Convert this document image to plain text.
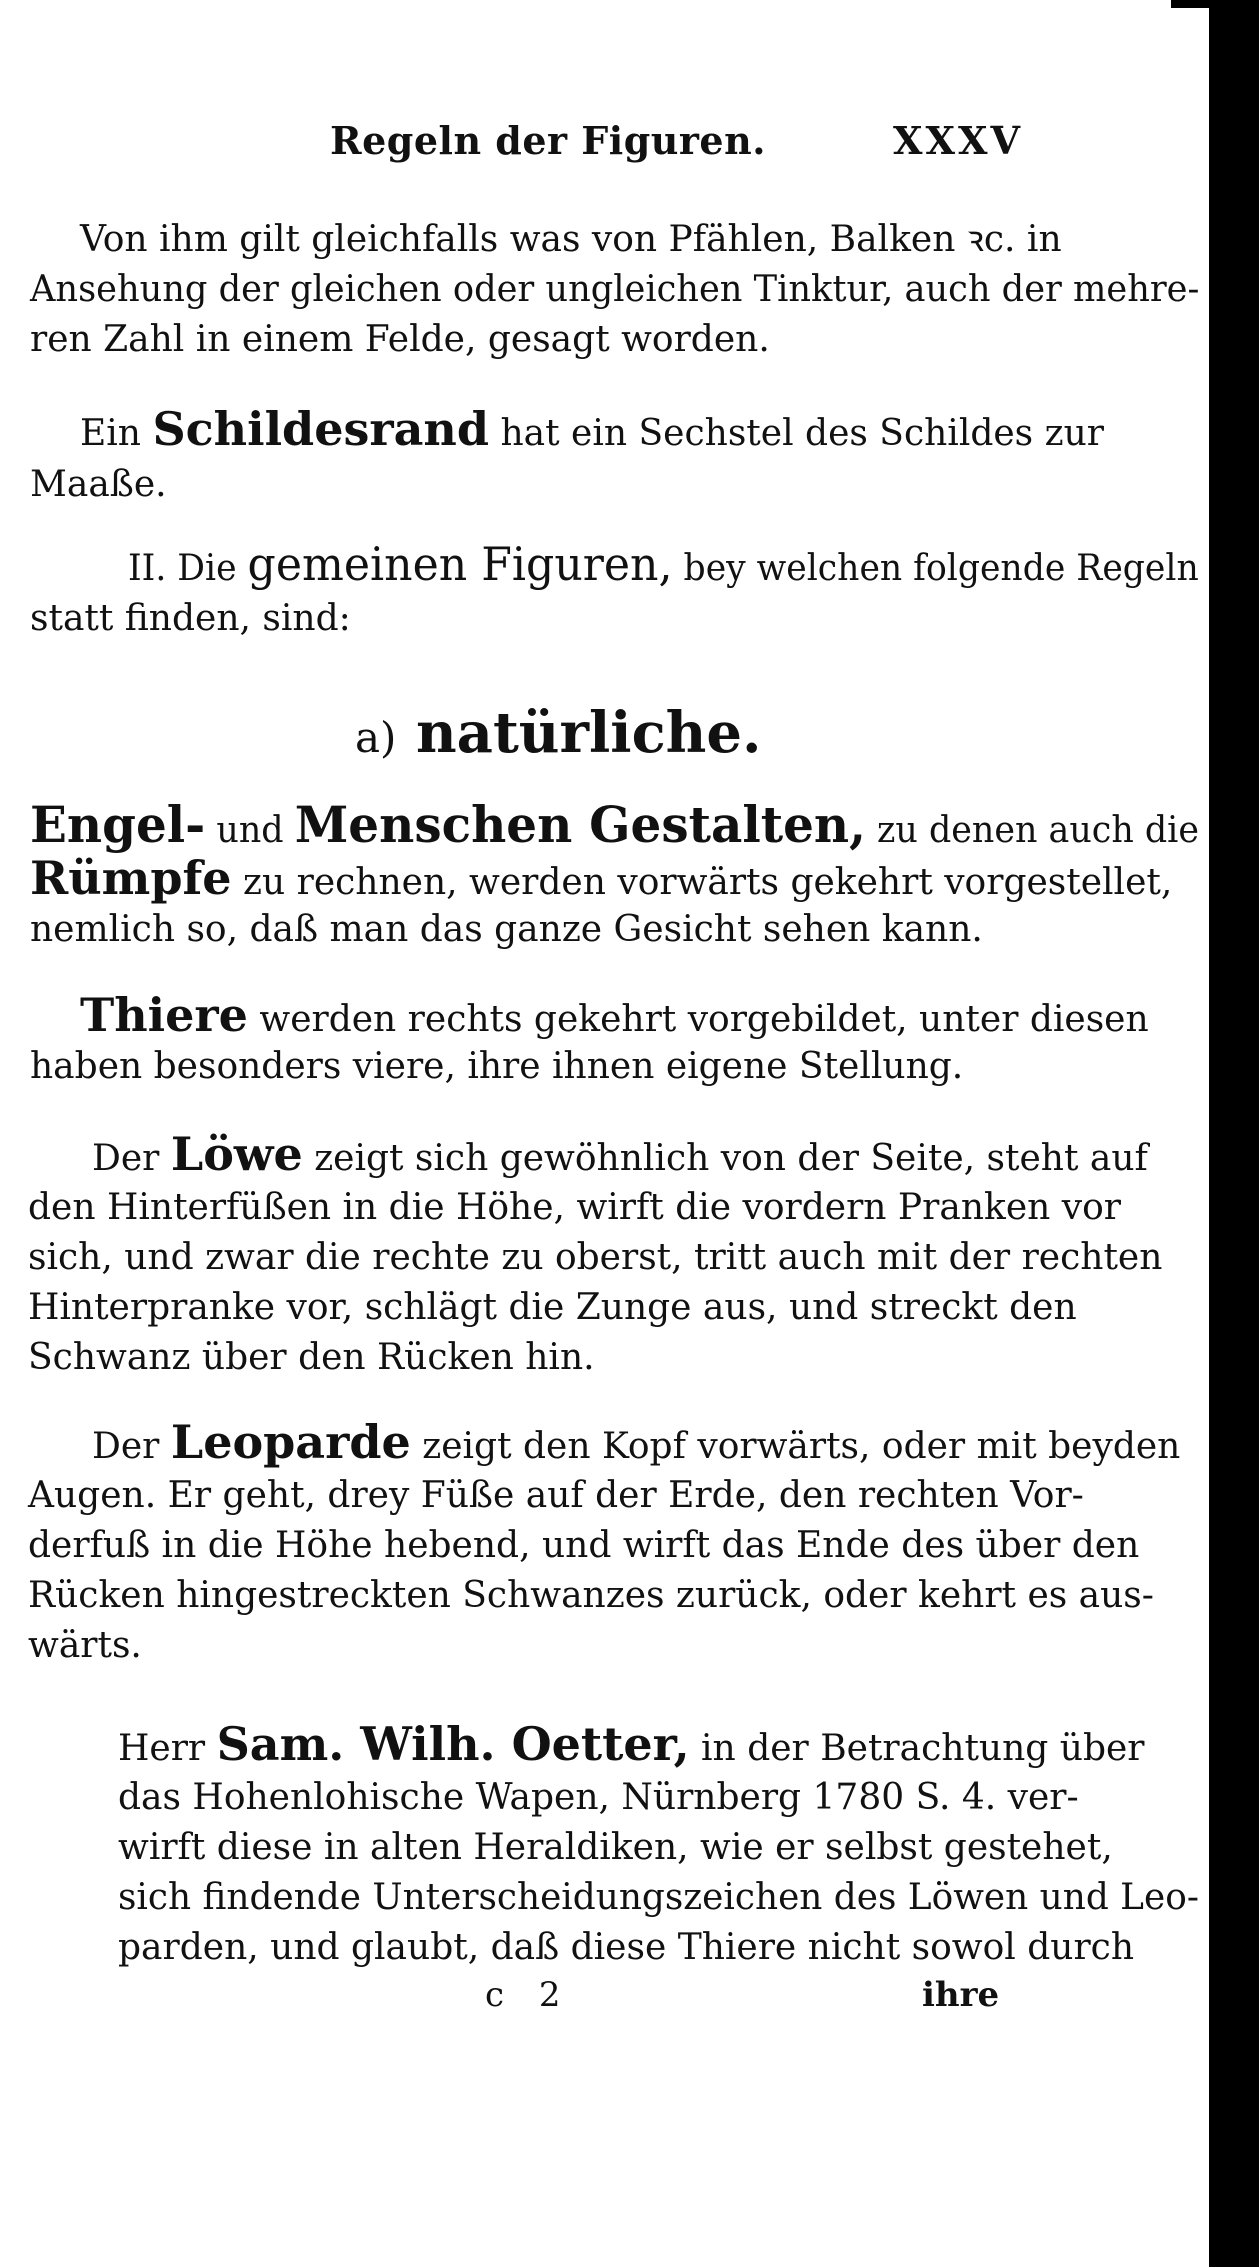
Regeln der Figuren.	XXXV
Von ihm gilt gleichfalls was von Pfählen, Balken ꝛc. in
Ansehung der gleichen oder ungleichen Tinktur, auch der mehre-
ren Zahl in einem Felde, gesagt worden.
Ein Schildesrand hat ein Sechstel des Schildes zur
Maaße.
II. Die gemeinen Figuren, bey welchen folgende Regeln
statt finden, sind:
a) natürliche.
Engel- und Menschen Gestalten, zu denen auch die
Rümpfe zu rechnen, werden vorwärts gekehrt vorgestellet,
nemlich so, daß man das ganze Gesicht sehen kann.
Thiere werden rechts gekehrt vorgebildet, unter diesen
haben besonders viere, ihre ihnen eigene Stellung.
Der Löwe zeigt sich gewöhnlich von der Seite, steht auf
den Hinterfüßen in die Höhe, wirft die vordern Pranken vor
sich, und zwar die rechte zu oberst, tritt auch mit der rechten
Hinterpranke vor, schlägt die Zunge aus, und streckt den
Schwanz über den Rücken hin.
Der Leoparde zeigt den Kopf vorwärts, oder mit beyden
Augen. Er geht, drey Füße auf der Erde, den rechten Vor-
derfuß in die Höhe hebend, und wirft das Ende des über den
Rücken hingestreckten Schwanzes zurück, oder kehrt es aus-
wärts.
Herr Sam. Wilh. Oetter, in der Betrachtung über
das Hohenlohische Wapen, Nürnberg 1780 S. 4. ver-
wirft diese in alten Heraldiken, wie er selbst gestehet,
sich findende Unterscheidungszeichen des Löwen und Leo-
parden, und glaubt, daß diese Thiere nicht sowol durch
c 2	ihre
